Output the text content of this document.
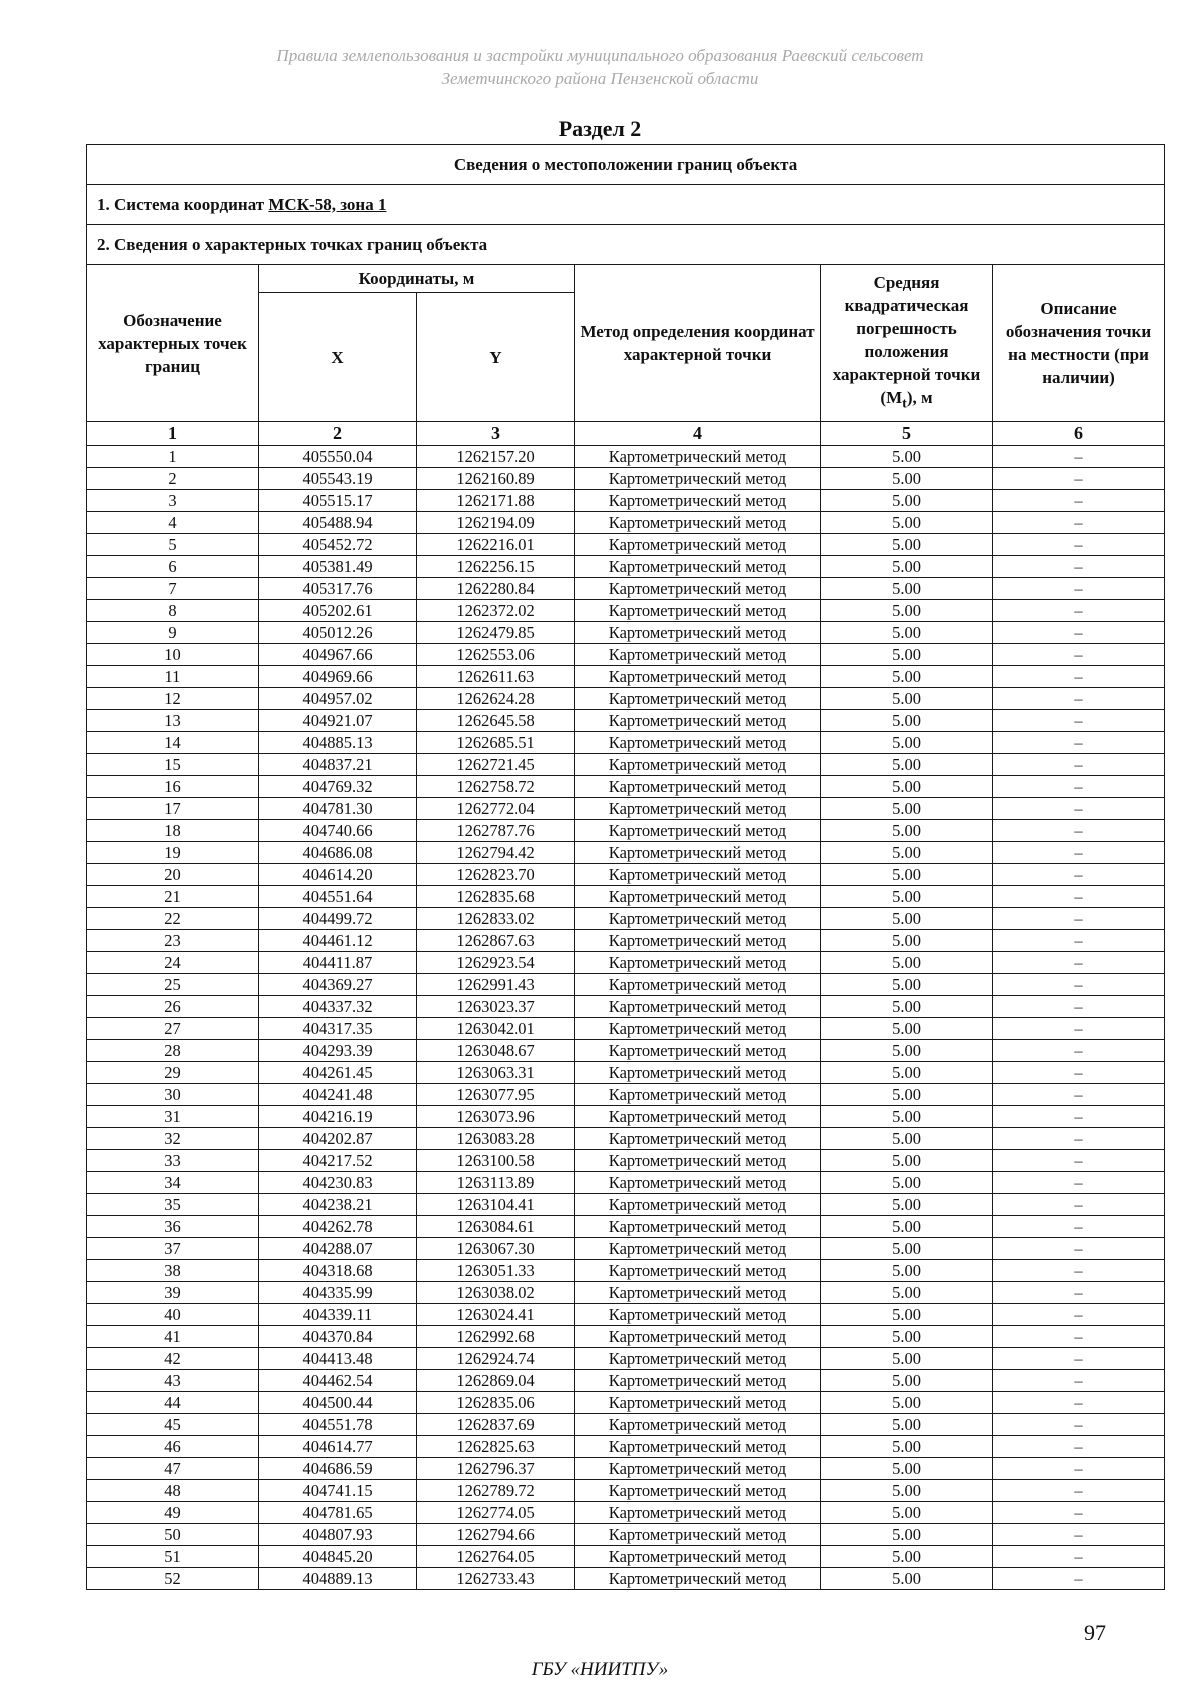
Правила землепользования и застройки муниципального образования Раевский сельсовет
Земетчинского района Пензенской области
Раздел 2
Сведения о местоположении границ объекта					
1. Система координат МСК-58, зона 1					
2. Сведения о характерных точках границ объекта					
Обозначение характерных точек границ	Координаты, м		Метод определения координат характерной точки	Средняя квадратическая погрешность положения характерной точки $(M_t)$, м	Описание обозначения точки на местности (при наличии)
	X	Y			
1	2	3	4	5	6
1	405550.04	1262157.20	Картометрический метод	5.00	–
2	405543.19	1262160.89	Картометрический метод	5.00	–
3	405515.17	1262171.88	Картометрический метод	5.00	–
4	405488.94	1262194.09	Картометрический метод	5.00	–
5	405452.72	1262216.01	Картометрический метод	5.00	–
6	405381.49	1262256.15	Картометрический метод	5.00	–
7	405317.76	1262280.84	Картометрический метод	5.00	–
8	405202.61	1262372.02	Картометрический метод	5.00	–
9	405012.26	1262479.85	Картометрический метод	5.00	–
10	404967.66	1262553.06	Картометрический метод	5.00	–
11	404969.66	1262611.63	Картометрический метод	5.00	–
12	404957.02	1262624.28	Картометрический метод	5.00	–
13	404921.07	1262645.58	Картометрический метод	5.00	–
14	404885.13	1262685.51	Картометрический метод	5.00	–
15	404837.21	1262721.45	Картометрический метод	5.00	–
16	404769.32	1262758.72	Картометрический метод	5.00	–
17	404781.30	1262772.04	Картометрический метод	5.00	–
18	404740.66	1262787.76	Картометрический метод	5.00	–
19	404686.08	1262794.42	Картометрический метод	5.00	–
20	404614.20	1262823.70	Картометрический метод	5.00	–
21	404551.64	1262835.68	Картометрический метод	5.00	–
22	404499.72	1262833.02	Картометрический метод	5.00	–
23	404461.12	1262867.63	Картометрический метод	5.00	–
24	404411.87	1262923.54	Картометрический метод	5.00	–
25	404369.27	1262991.43	Картометрический метод	5.00	–
26	404337.32	1263023.37	Картометрический метод	5.00	–
27	404317.35	1263042.01	Картометрический метод	5.00	–
28	404293.39	1263048.67	Картометрический метод	5.00	–
29	404261.45	1263063.31	Картометрический метод	5.00	–
30	404241.48	1263077.95	Картометрический метод	5.00	–
31	404216.19	1263073.96	Картометрический метод	5.00	–
32	404202.87	1263083.28	Картометрический метод	5.00	–
33	404217.52	1263100.58	Картометрический метод	5.00	–
34	404230.83	1263113.89	Картометрический метод	5.00	–
35	404238.21	1263104.41	Картометрический метод	5.00	–
36	404262.78	1263084.61	Картометрический метод	5.00	–
37	404288.07	1263067.30	Картометрический метод	5.00	–
38	404318.68	1263051.33	Картометрический метод	5.00	–
39	404335.99	1263038.02	Картометрический метод	5.00	–
40	404339.11	1263024.41	Картометрический метод	5.00	–
41	404370.84	1262992.68	Картометрический метод	5.00	–
42	404413.48	1262924.74	Картометрический метод	5.00	–
43	404462.54	1262869.04	Картометрический метод	5.00	–
44	404500.44	1262835.06	Картометрический метод	5.00	–
45	404551.78	1262837.69	Картометрический метод	5.00	–
46	404614.77	1262825.63	Картометрический метод	5.00	–
47	404686.59	1262796.37	Картометрический метод	5.00	–
48	404741.15	1262789.72	Картометрический метод	5.00	–
49	404781.65	1262774.05	Картометрический метод	5.00	–
50	404807.93	1262794.66	Картометрический метод	5.00	–
51	404845.20	1262764.05	Картометрический метод	5.00	–
52	404889.13	1262733.43	Картометрический метод	5.00	–
97
ГБУ «НИИТПУ»
